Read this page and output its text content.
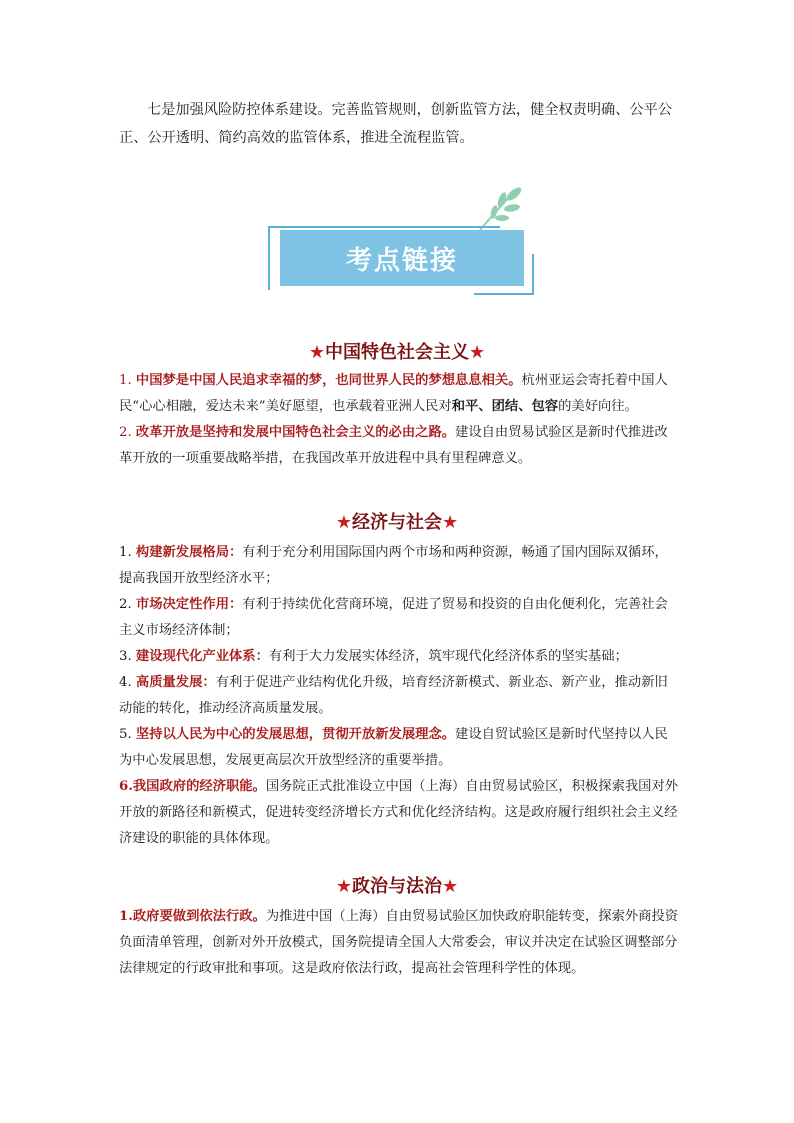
七是加强风险防控体系建设。完善监管规则，创新监管方法，健全权责明确、公平公正、公开透明、简约高效的监管体系，推进全流程监管。

考点链接
★中国特色社会主义★

1. 中国梦是中国人民追求幸福的梦，也同世界人民的梦想息息相关。杭州亚运会寄托着中国人民“心心相融，爱达未来”美好愿望，也承载着亚洲人民对和平、团结、包容的美好向往。

2. 改革开放是坚持和发展中国特色社会主义的必由之路。建设自由贸易试验区是新时代推进改革开放的一项重要战略举措，在我国改革开放进程中具有里程碑意义。

★经济与社会★

1. 构建新发展格局：有利于充分利用国际国内两个市场和两种资源，畅通了国内国际双循环，提高我国开放型经济水平；

2. 市场决定性作用：有利于持续优化营商环境，促进了贸易和投资的自由化便利化，完善社会主义市场经济体制；

3. 建设现代化产业体系：有利于大力发展实体经济，筑牢现代化经济体系的坚实基础；

4. 高质量发展：有利于促进产业结构优化升级，培育经济新模式、新业态、新产业，推动新旧动能的转化，推动经济高质量发展。

5. 坚持以人民为中心的发展思想，贯彻开放新发展理念。建设自贸试验区是新时代坚持以人民为中心发展思想，发展更高层次开放型经济的重要举措。

6.我国政府的经济职能。国务院正式批准设立中国（上海）自由贸易试验区，积极探索我国对外开放的新路径和新模式，促进转变经济增长方式和优化经济结构。这是政府履行组织社会主义经济建设的职能的具体体现。

★政治与法治★

1.政府要做到依法行政。为推进中国（上海）自由贸易试验区加快政府职能转变，探索外商投资负面清单管理，创新对外开放模式，国务院提请全国人大常委会，审议并决定在试验区调整部分法律规定的行政审批和事项。这是政府依法行政，提高社会管理科学性的体现。
